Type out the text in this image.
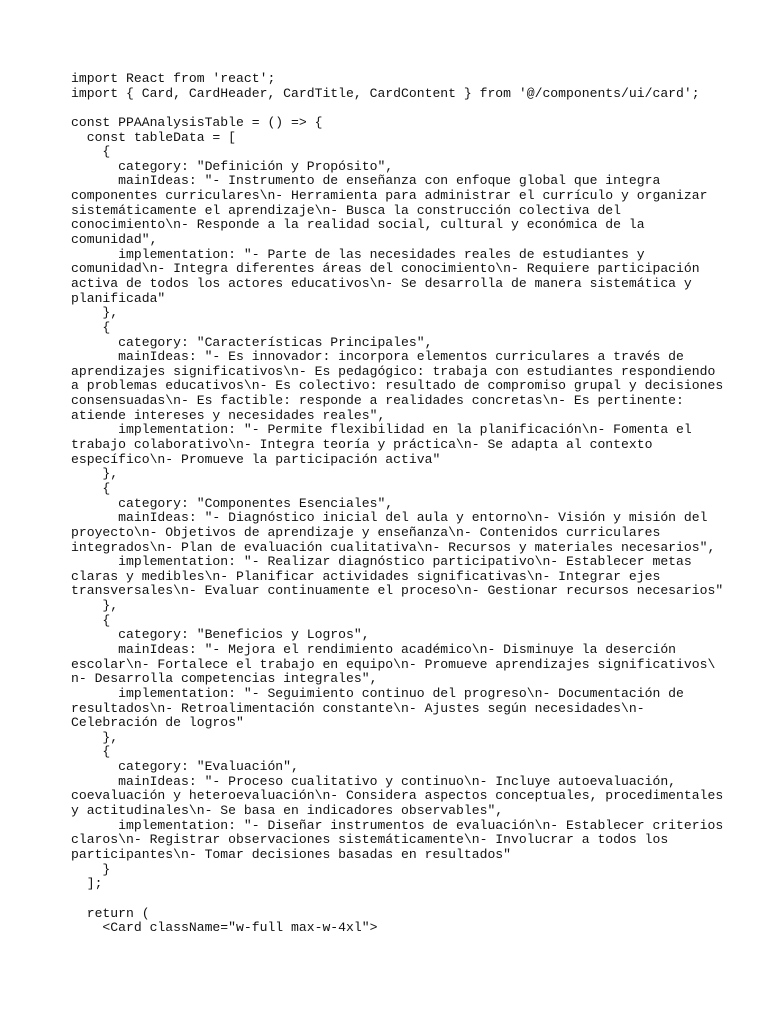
import React from 'react';
import { Card, CardHeader, CardTitle, CardContent } from '@/components/ui/card';
const PPAAnalysisTable = () => {
const tableData = [
{
category: "Definición y Propósito",
mainIdeas: "- Instrumento de enseñanza con enfoque global que integra
componentes curriculares\n- Herramienta para administrar el currículo y organizar
sistemáticamente el aprendizaje\n- Busca la construcción colectiva del
conocimiento\n- Responde a la realidad social, cultural y económica de la
comunidad",
implementation: "- Parte de las necesidades reales de estudiantes y
comunidad\n- Integra diferentes áreas del conocimiento\n- Requiere participación
activa de todos los actores educativos\n- Se desarrolla de manera sistemática y
planificada"
},
{
category: "Características Principales",
mainIdeas: "- Es innovador: incorpora elementos curriculares a través de
aprendizajes significativos\n- Es pedagógico: trabaja con estudiantes respondiendo
a problemas educativos\n- Es colectivo: resultado de compromiso grupal y decisiones
consensuadas\n- Es factible: responde a realidades concretas\n- Es pertinente:
atiende intereses y necesidades reales",
implementation: "- Permite flexibilidad en la planificación\n- Fomenta el
trabajo colaborativo\n- Integra teoría y práctica\n- Se adapta al contexto
específico\n- Promueve la participación activa"
},
{
category: "Componentes Esenciales",
mainIdeas: "- Diagnóstico inicial del aula y entorno\n- Visión y misión del
proyecto\n- Objetivos de aprendizaje y enseñanza\n- Contenidos curriculares
integrados\n- Plan de evaluación cualitativa\n- Recursos y materiales necesarios",
implementation: "- Realizar diagnóstico participativo\n- Establecer metas
claras y medibles\n- Planificar actividades significativas\n- Integrar ejes
transversales\n- Evaluar continuamente el proceso\n- Gestionar recursos necesarios"
},
{
category: "Beneficios y Logros",
mainIdeas: "- Mejora el rendimiento académico\n- Disminuye la deserción
escolar\n- Fortalece el trabajo en equipo\n- Promueve aprendizajes significativos\
n- Desarrolla competencias integrales",
implementation: "- Seguimiento continuo del progreso\n- Documentación de
resultados\n- Retroalimentación constante\n- Ajustes según necesidades\n-
Celebración de logros"
},
{
category: "Evaluación",
mainIdeas: "- Proceso cualitativo y continuo\n- Incluye autoevaluación,
coevaluación y heteroevaluación\n- Considera aspectos conceptuales, procedimentales
y actitudinales\n- Se basa en indicadores observables",
implementation: "- Diseñar instrumentos de evaluación\n- Establecer criterios
claros\n- Registrar observaciones sistemáticamente\n- Involucrar a todos los
participantes\n- Tomar decisiones basadas en resultados"
}
];
return (
<Card className="w-full max-w-4xl">
